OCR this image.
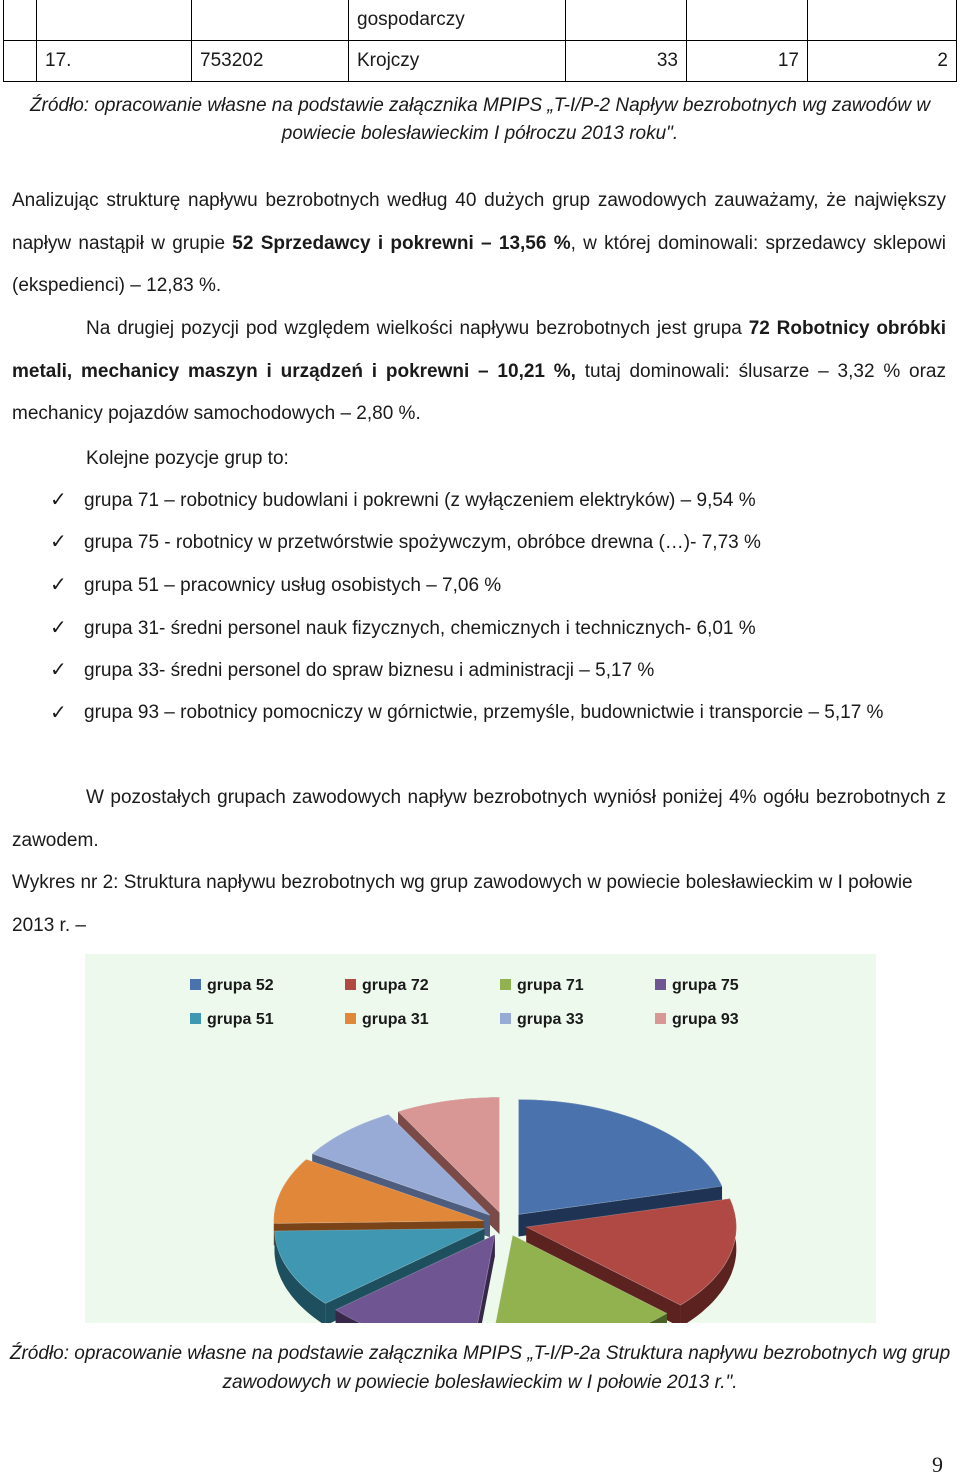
			gospodarczy			
	17.	753202	Krojczy	33	17	2
Źródło: opracowanie własne na podstawie załącznika MPIPS „T-I/P-2 Napływ bezrobotnych wg zawodów w powiecie bolesławieckim I półroczu 2013 roku".

Analizując strukturę napływu bezrobotnych według 40 dużych grup zawodowych zauważamy, że największy napływ nastąpił w grupie 52 Sprzedawcy i pokrewni – 13,56 %, w której dominowali: sprzedawcy sklepowi (ekspedienci) – 12,83 %.

Na drugiej pozycji pod względem wielkości napływu bezrobotnych jest grupa 72 Robotnicy obróbki metali, mechanicy maszyn i urządzeń i pokrewni – 10,21 %, tutaj dominowali: ślusarze – 3,32 % oraz mechanicy pojazdów samochodowych – 2,80 %.

Kolejne pozycje grup to:
✓ grupa 71 – robotnicy budowlani i pokrewni (z wyłączeniem elektryków) – 9,54 %
✓ grupa 75 - robotnicy w przetwórstwie spożywczym, obróbce drewna (…)- 7,73 %
✓ grupa 51 – pracownicy usług osobistych – 7,06 %
✓ grupa 31- średni personel nauk fizycznych, chemicznych i technicznych- 6,01 %
✓ grupa 33- średni personel do spraw biznesu i administracji – 5,17 %
✓ grupa 93 – robotnicy pomocniczy w górnictwie, przemyśle, budownictwie i transporcie – 5,17 %

W pozostałych grupach zawodowych napływ bezrobotnych wyniósł poniżej 4% ogółu bezrobotnych z zawodem.

Wykres nr 2: Struktura napływu bezrobotnych wg grup zawodowych w powiecie bolesławieckim w I połowie 2013 r. –

grupa 52	grupa 72	grupa 71	grupa 75
grupa 51	grupa 31	grupa 33	grupa 93
Źródło: opracowanie własne na podstawie załącznika MPIPS „T-I/P-2a Struktura napływu bezrobotnych wg grup zawodowych w powiecie bolesławieckim w I połowie 2013 r.".
9
